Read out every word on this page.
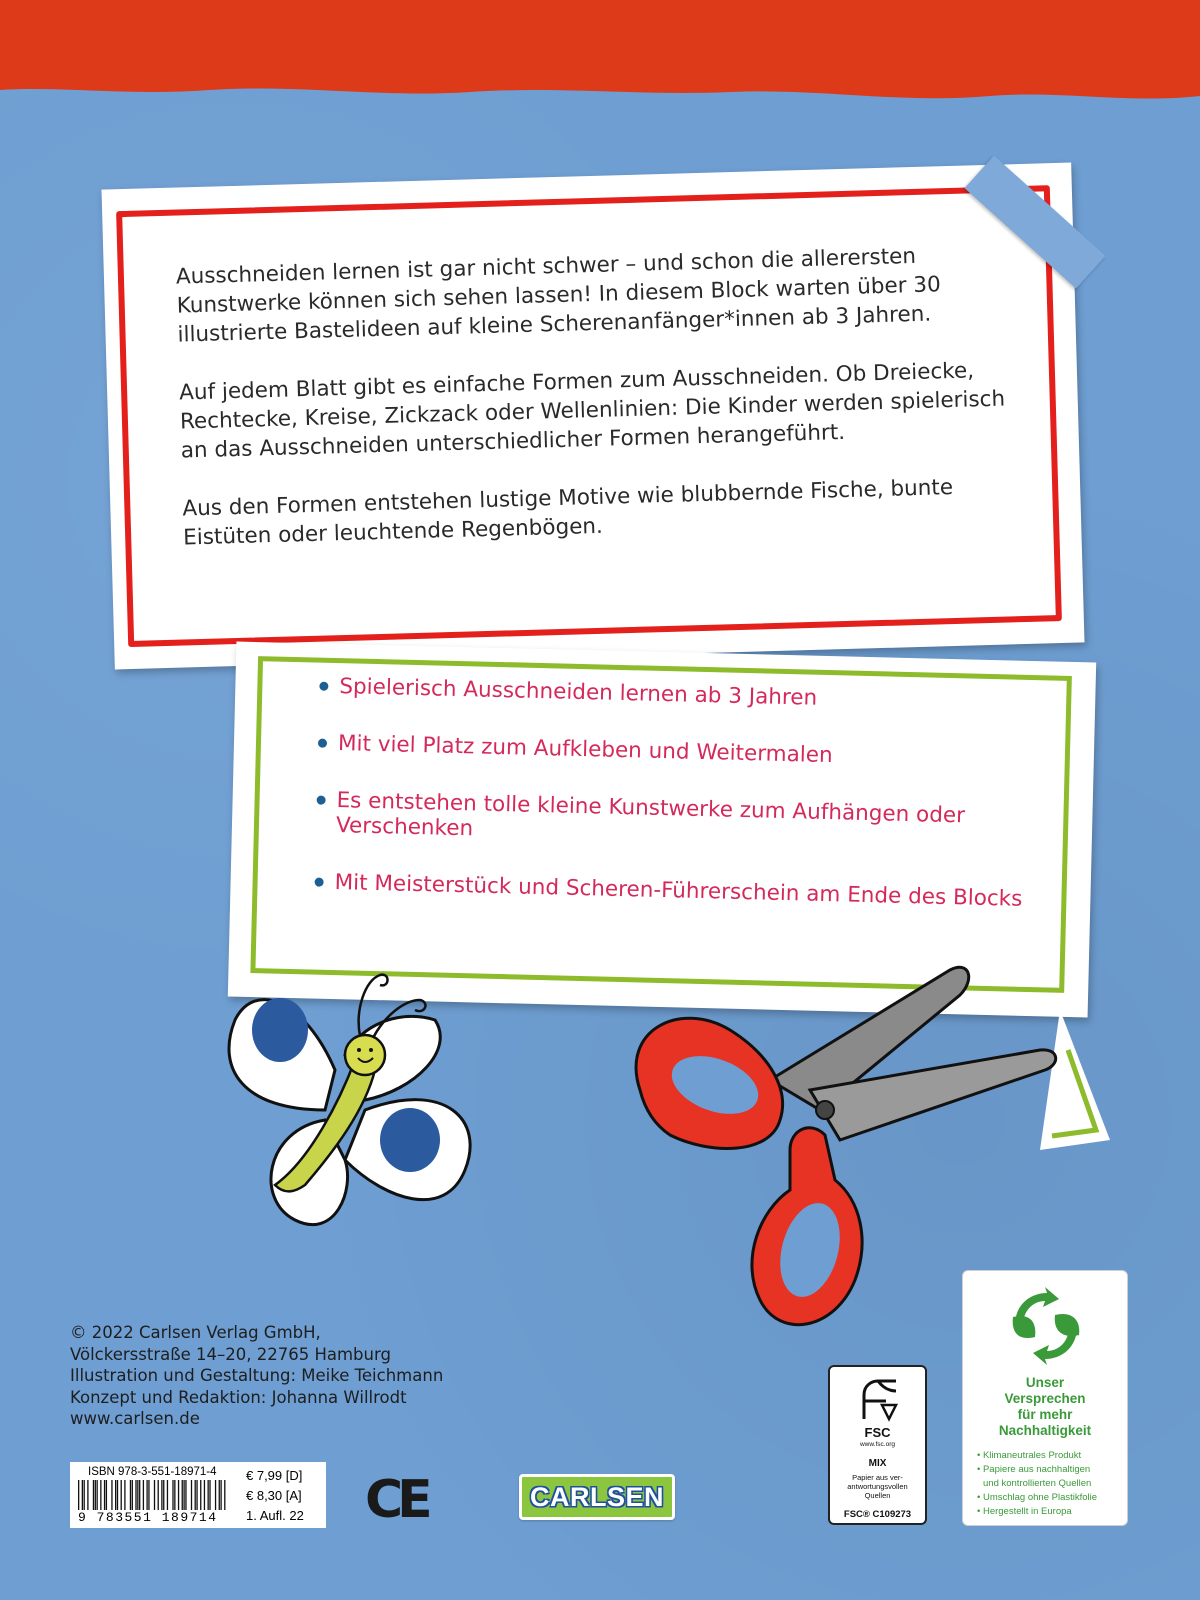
Ausschneiden lernen ist gar nicht schwer – und schon die allerersten Kunstwerke können sich sehen lassen! In diesem Block warten über 30 illustrierte Bastelideen auf kleine Scherenanfänger*innen ab 3 Jahren.

Auf jedem Blatt gibt es einfache Formen zum Ausschneiden. Ob Dreiecke, Rechtecke, Kreise, Zickzack oder Wellenlinien: Die Kinder werden spielerisch an das Ausschneiden unterschiedlicher Formen herangeführt.

Aus den Formen entstehen lustige Motive wie blubbernde Fische, bunte Eistüten oder leuchtende Regenbögen.

Spielerisch Ausschneiden lernen ab 3 Jahren
Mit viel Platz zum Aufkleben und Weitermalen
Es entstehen tolle kleine Kunstwerke zum Aufhängen oder Verschenken
Mit Meisterstück und Scheren-Führerschein am Ende des Blocks
© 2022 Carlsen Verlag GmbH,
Völckersstraße 14–20, 22765 Hamburg
Illustration und Gestaltung: Meike Teichmann
Konzept und Redaktion: Johanna Willrodt
www.carlsen.de
ISBN 978-3-551-18971-4
9 783551 189714
€ 7,99 [D]
€ 8,30 [A]
1. Aufl. 22 CE	CARLSEN
FSC
www.fsc.org
MIX
Papier aus ver- antwortungsvollen Quellen
FSC® C109273
Unser
Versprechen
für mehr
Nachhaltigkeit
• Klimaneutrales Produkt
• Papiere aus nachhaltigen
und kontrollierten Quellen
• Umschlag ohne Plastikfolie
• Hergestellt in Europa
